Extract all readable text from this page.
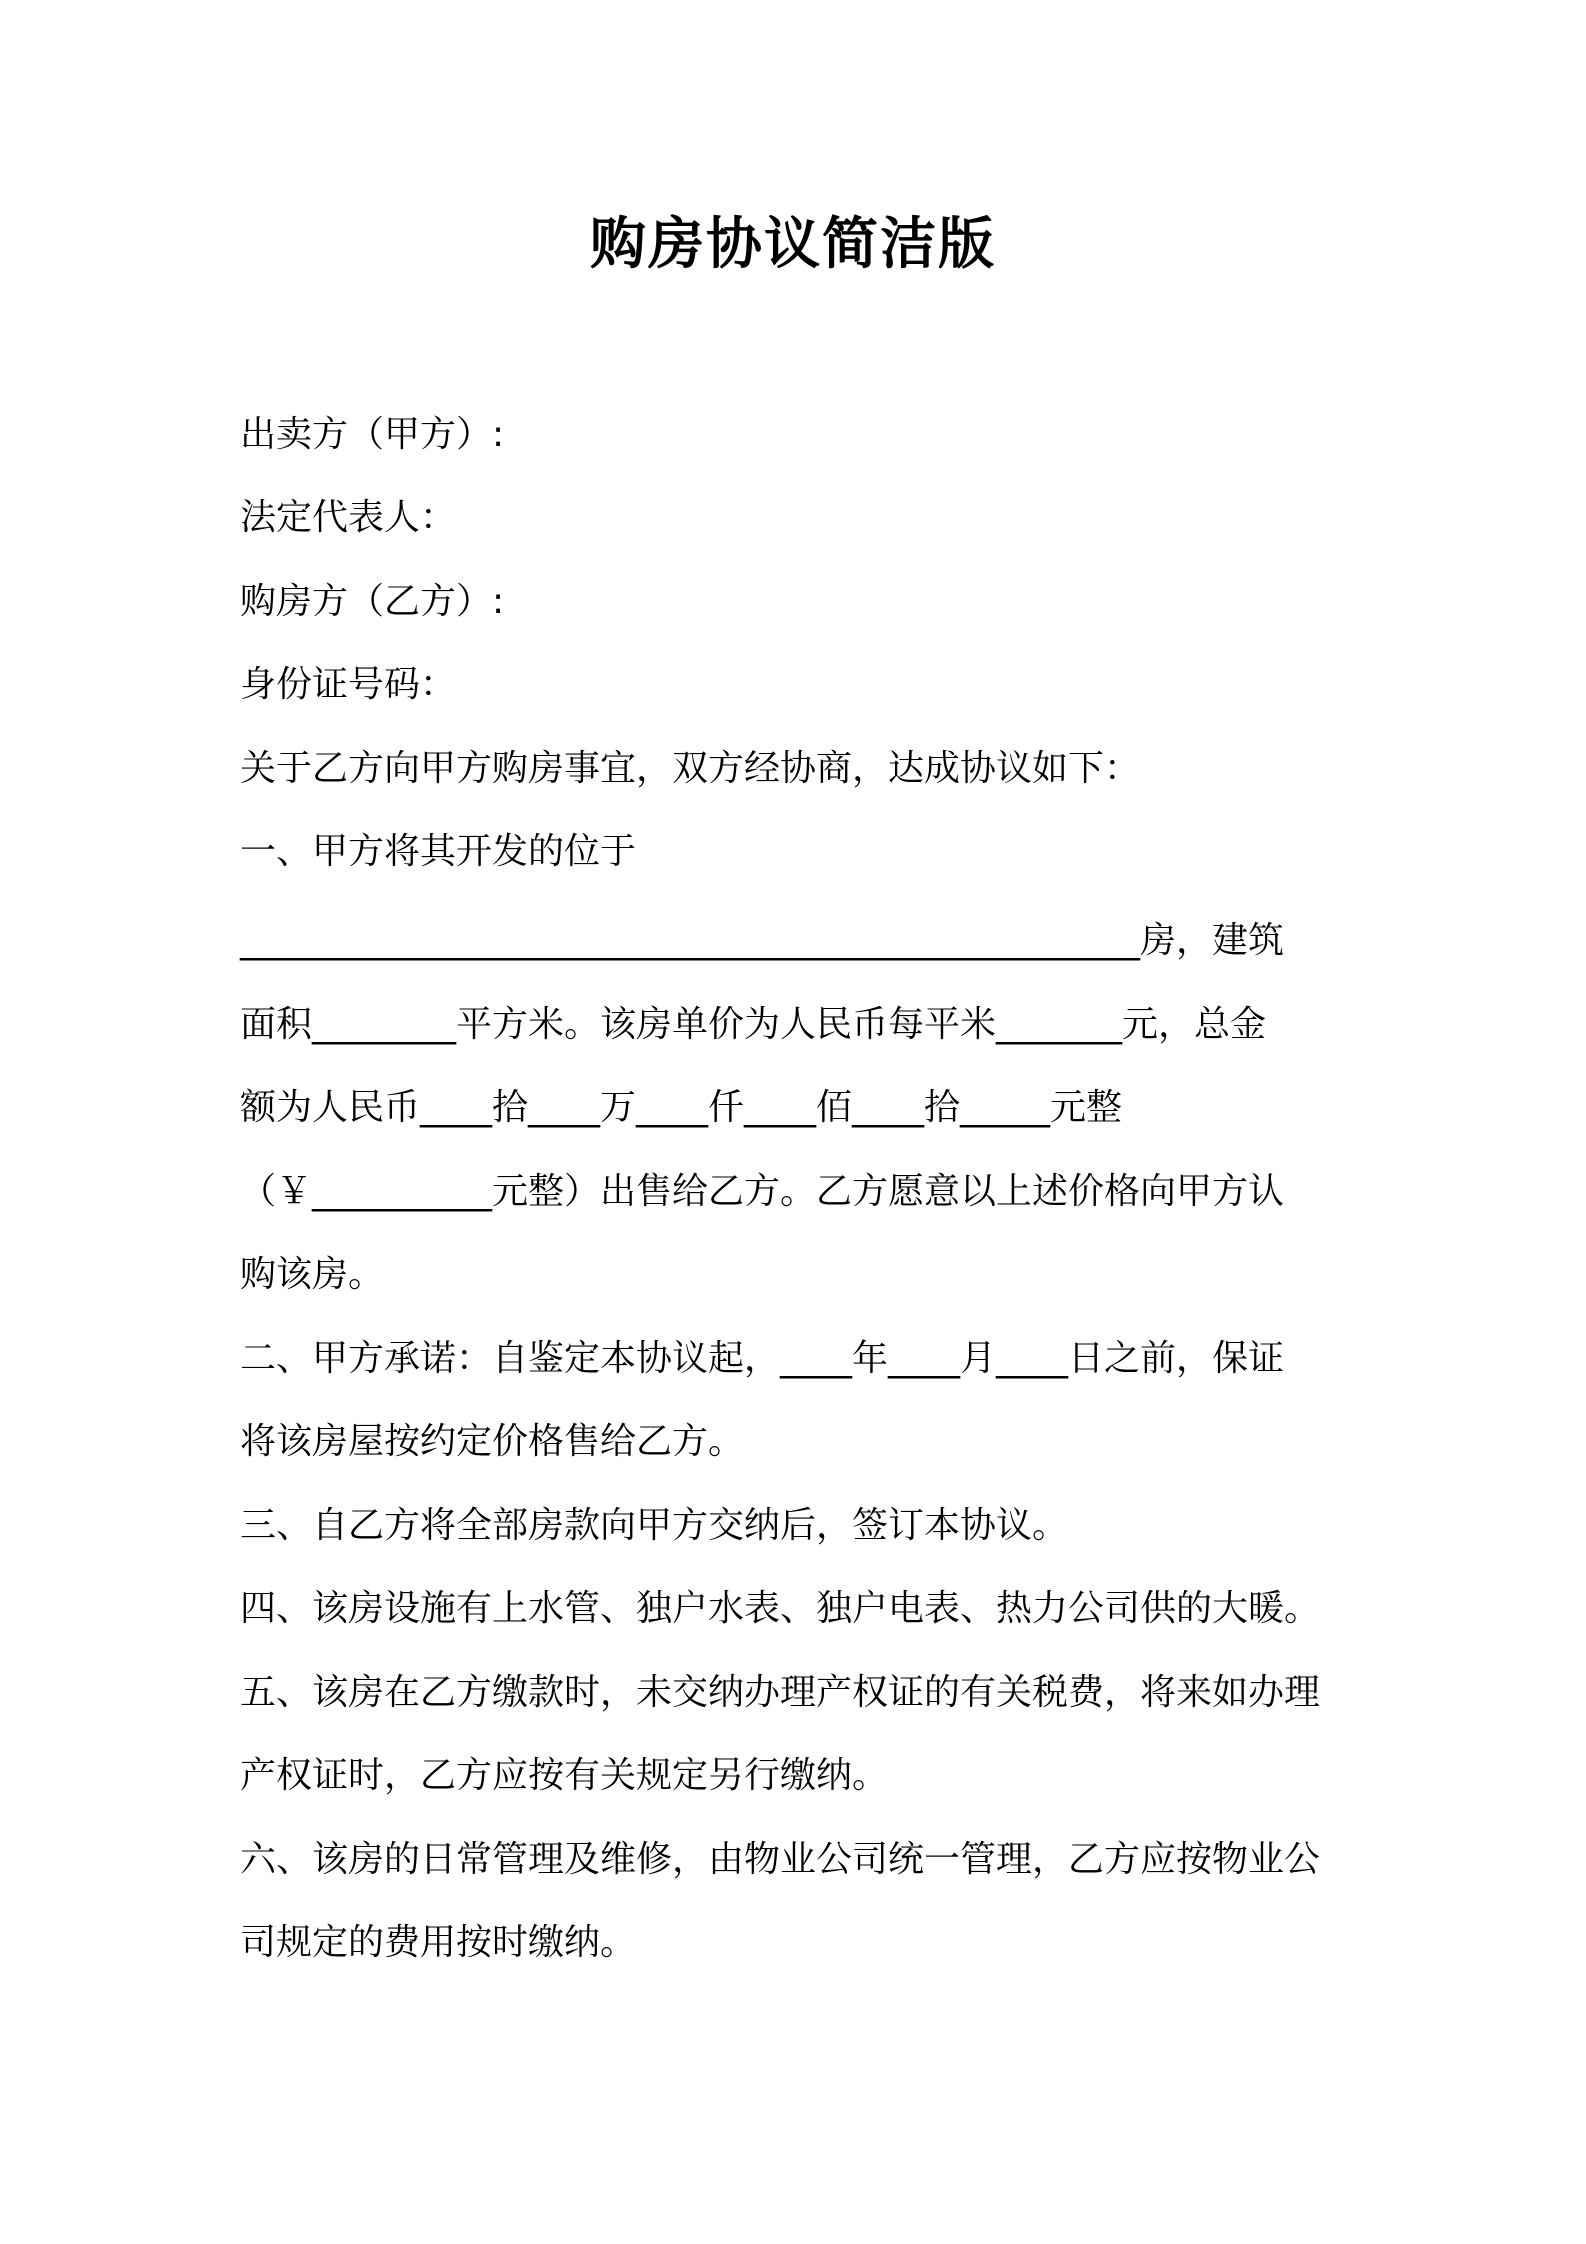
购房协议简洁版
出卖方（甲方）:
法定代表人：
购房方（乙方）:
身份证号码：
关于乙方向甲方购房事宜，双方经协商，达成协议如下：
一、甲方将其开发的位于
__________________________________________________房，建筑
面积________平方米。该房单价为人民币每平米_______元，总金
额为人民币____拾____万____仟____佰____拾_____元整
（￥__________元整）出售给乙方。乙方愿意以上述价格向甲方认
购该房。
二、甲方承诺：自鉴定本协议起，____年____月____日之前，保证
将该房屋按约定价格售给乙方。
三、自乙方将全部房款向甲方交纳后，签订本协议。
四、该房设施有上水管、独户水表、独户电表、热力公司供的大暖。
五、该房在乙方缴款时，未交纳办理产权证的有关税费，将来如办理
产权证时，乙方应按有关规定另行缴纳。
六、该房的日常管理及维修，由物业公司统一管理，乙方应按物业公
司规定的费用按时缴纳。
